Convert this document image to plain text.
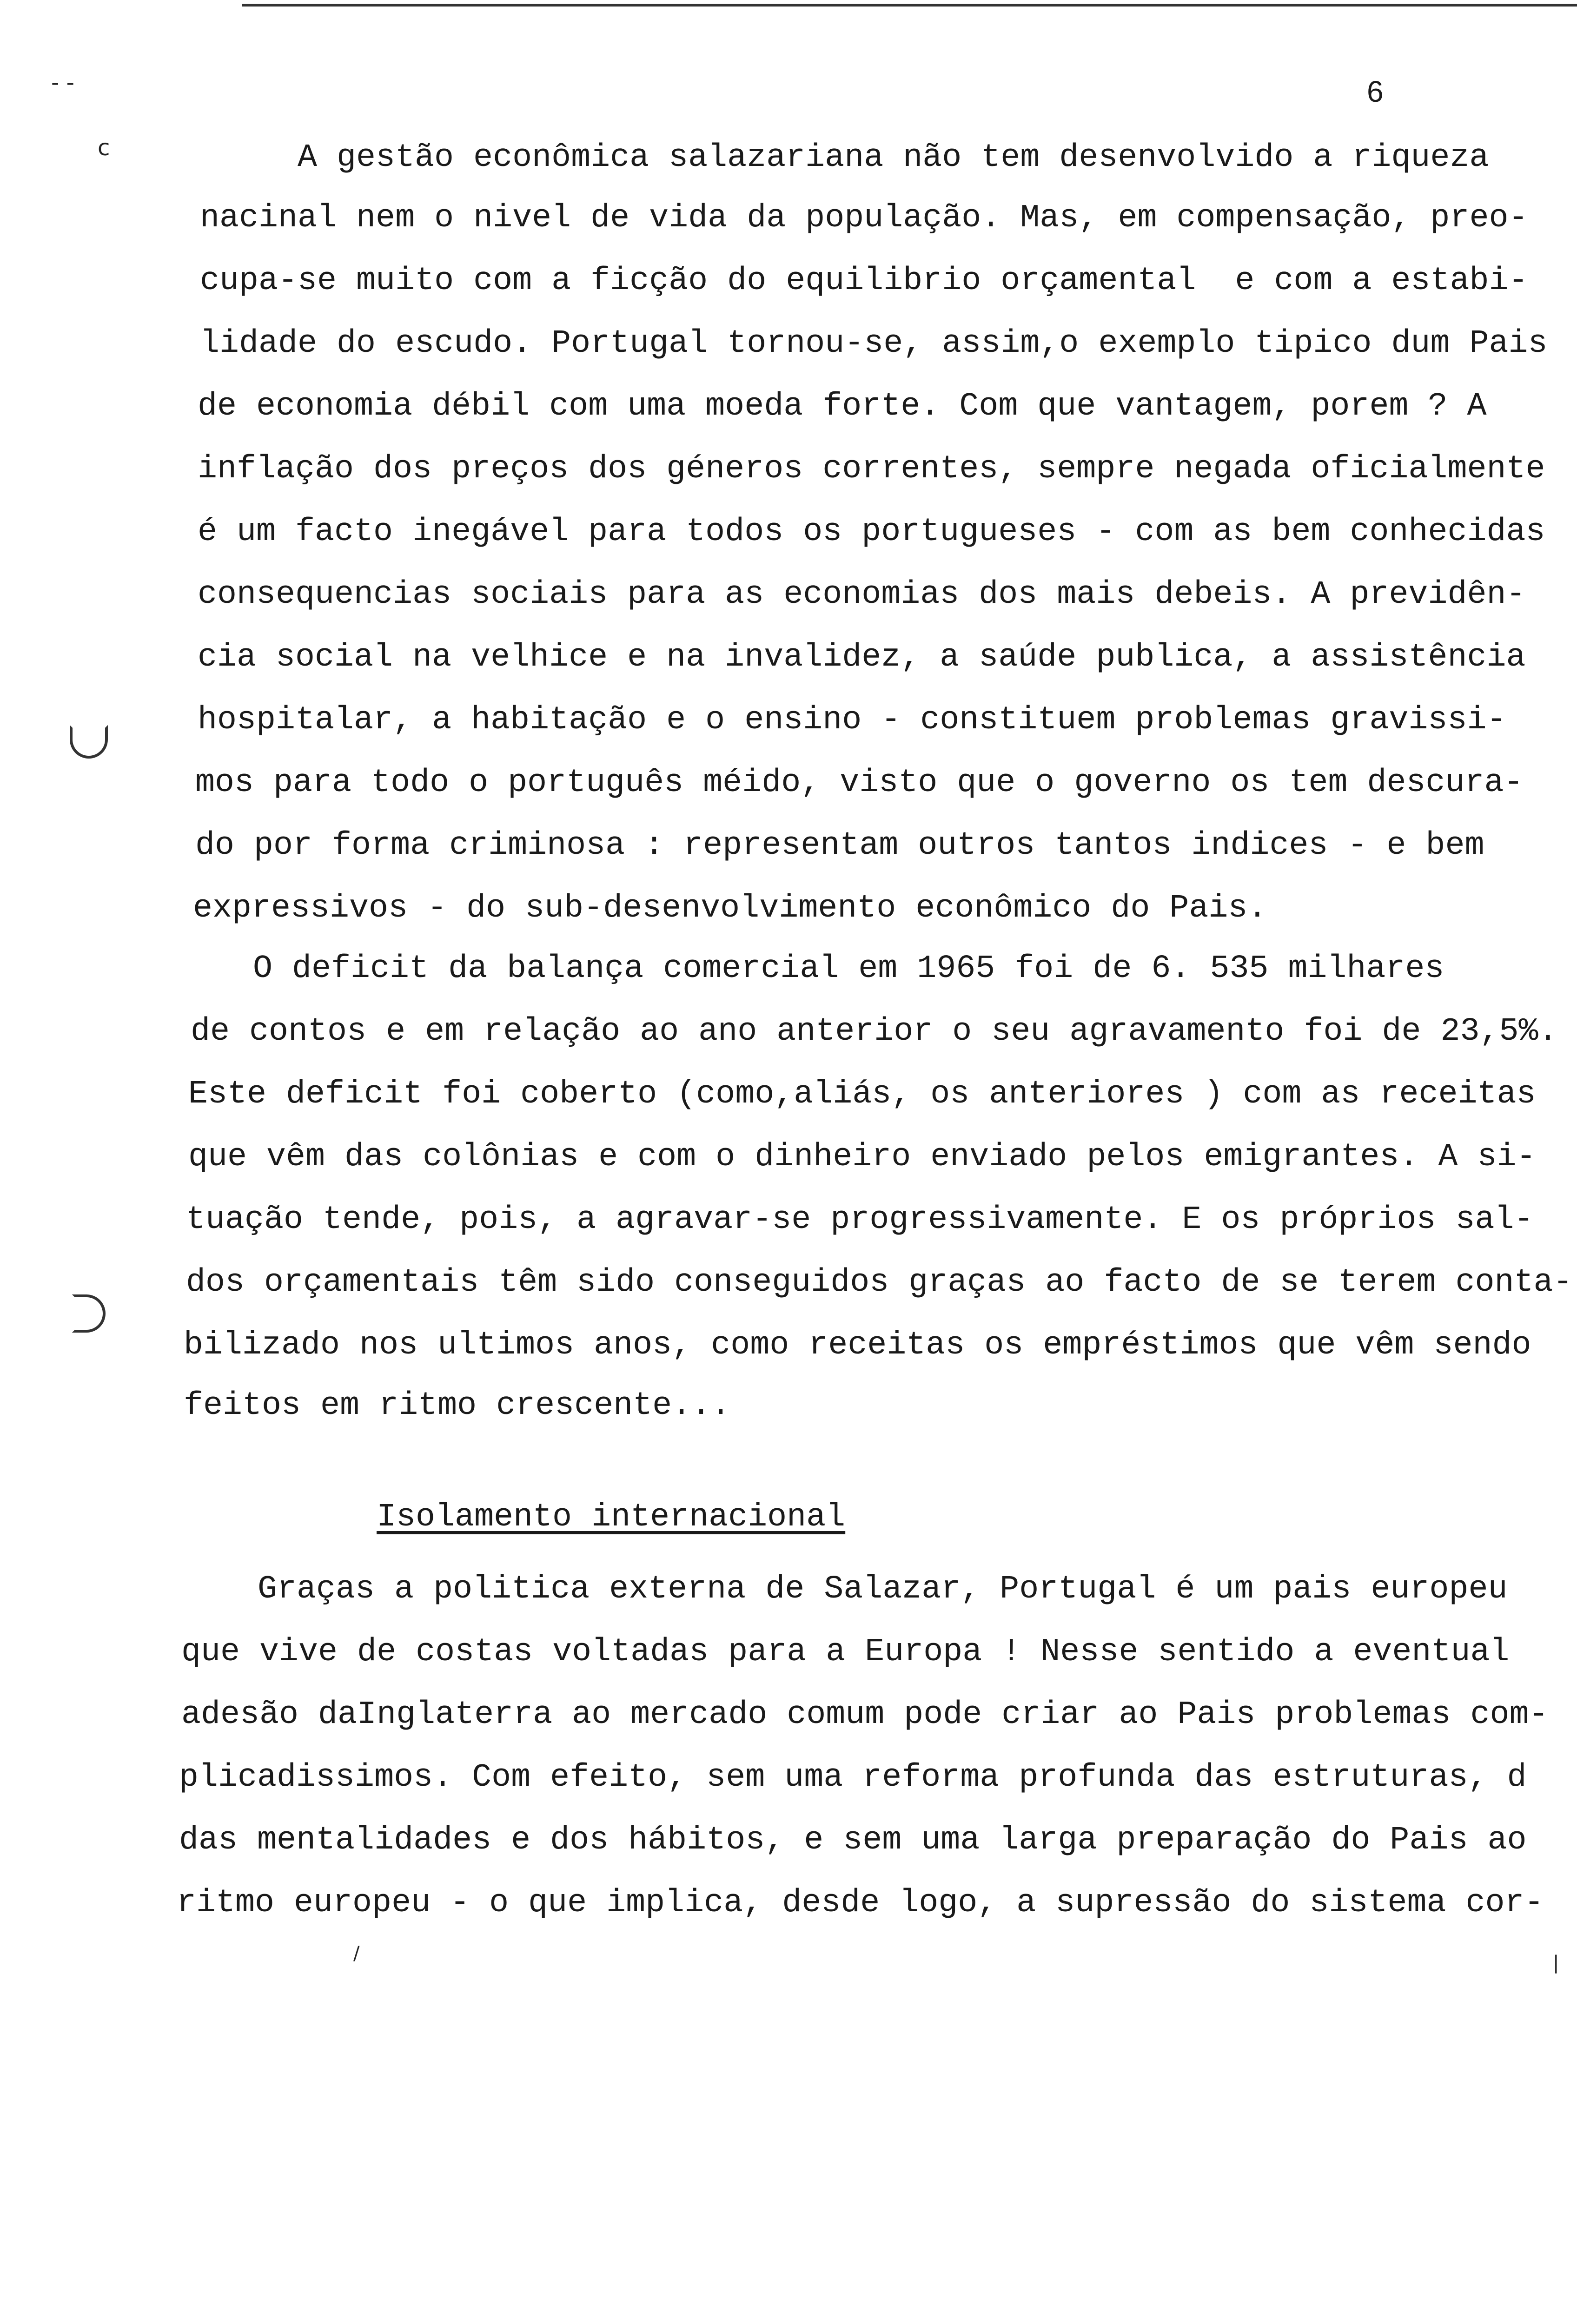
- -
c
6
A gestão econômica salazariana não tem desenvolvido a riqueza
nacinal nem o nivel de vida da população. Mas, em compensação, preo-
cupa-se muito com a ficção do equilibrio orçamental  e com a estabi-
lidade do escudo. Portugal tornou-se, assim,o exemplo tipico dum Pais
de economia débil com uma moeda forte. Com que vantagem, porem ? A
inflação dos preços dos géneros correntes, sempre negada oficialmente
é um facto inegável para todos os portugueses - com as bem conhecidas
consequencias sociais para as economias dos mais debeis. A previdên-
cia social na velhice e na invalidez, a saúde publica, a assistência
hospitalar, a habitação e o ensino - constituem problemas gravissi-
mos para todo o português méido, visto que o governo os tem descura-
do por forma criminosa : representam outros tantos indices - e bem
expressivos - do sub-desenvolvimento econômico do Pais.
O deficit da balança comercial em 1965 foi de 6. 535 milhares
de contos e em relação ao ano anterior o seu agravamento foi de 23,5%.
Este deficit foi coberto (como,aliás, os anteriores ) com as receitas
que vêm das colônias e com o dinheiro enviado pelos emigrantes. A si-
tuação tende, pois, a agravar-se progressivamente. E os próprios sal-
dos orçamentais têm sido conseguidos graças ao facto de se terem conta-
bilizado nos ultimos anos, como receitas os empréstimos que vêm sendo
feitos em ritmo crescente...
Isolamento internacional
Graças a politica externa de Salazar, Portugal é um pais europeu
que vive de costas voltadas para a Europa ! Nesse sentido a eventual
adesão daInglaterra ao mercado comum pode criar ao Pais problemas com-
plicadissimos. Com efeito, sem uma reforma profunda das estruturas, d
das mentalidades e dos hábitos, e sem uma larga preparação do Pais ao
ritmo europeu - o que implica, desde logo, a supressão do sistema cor-
/	|
